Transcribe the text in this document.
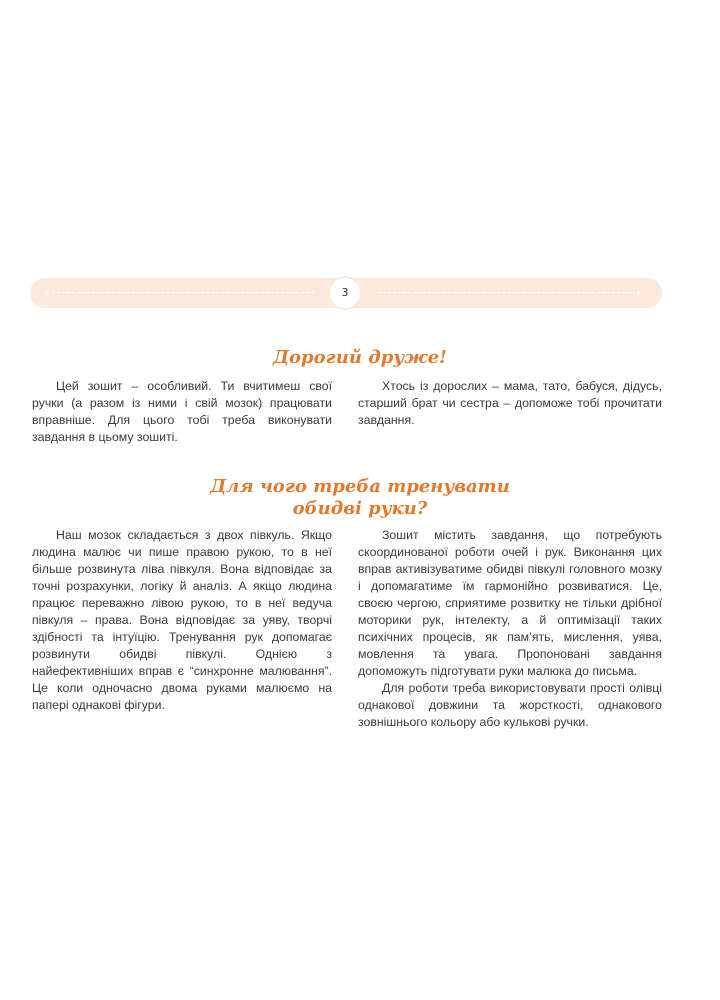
‹	›
3
Дорогий друже!

Цей зошит – особливий. Ти вчитимеш свої ручки (а разом із ними і свій мозок) працювати вправніше. Для цього тобі треба виконувати завдання в цьому зошиті.

Хтось із дорослих – мама, тато, бабуся, дідусь, старший брат чи сестра – допоможе тобі прочитати завдання.

Для чого треба тренувати
обидві руки?

Наш мозок складається з двох півкуль. Якщо людина малює чи пише правою рукою, то в неї більше розвинута ліва півкуля. Вона відповідає за точні розрахунки, логіку й аналіз. А якщо людина працює переважно лівою рукою, то в неї ведуча півкуля – права. Вона відповідає за уяву, творчі здібності та інтуїцію. Тренування рук допомагає розвинути обидві півкулі. Однією з найефективніших вправ є “синхронне малювання”. Це коли одночасно двома руками малюємо на папері однакові фігури.

Зошит містить завдання, що потребують скоординованої роботи очей і рук. Виконання цих вправ активізуватиме обидві півкулі головного мозку і допомагатиме їм гармонійно розвиватися. Це, своєю чергою, сприятиме розвитку не тільки дрібної моторики рук, інтелекту, а й оптимізації таких психічних процесів, як пам’ять, мислення, уява, мовлення та увага. Пропоновані завдання допоможуть підготувати руки малюка до письма.

Для роботи треба використовувати прості олівці однакової довжини та жорсткості, однакового зовнішнього кольору або кулькові ручки.
